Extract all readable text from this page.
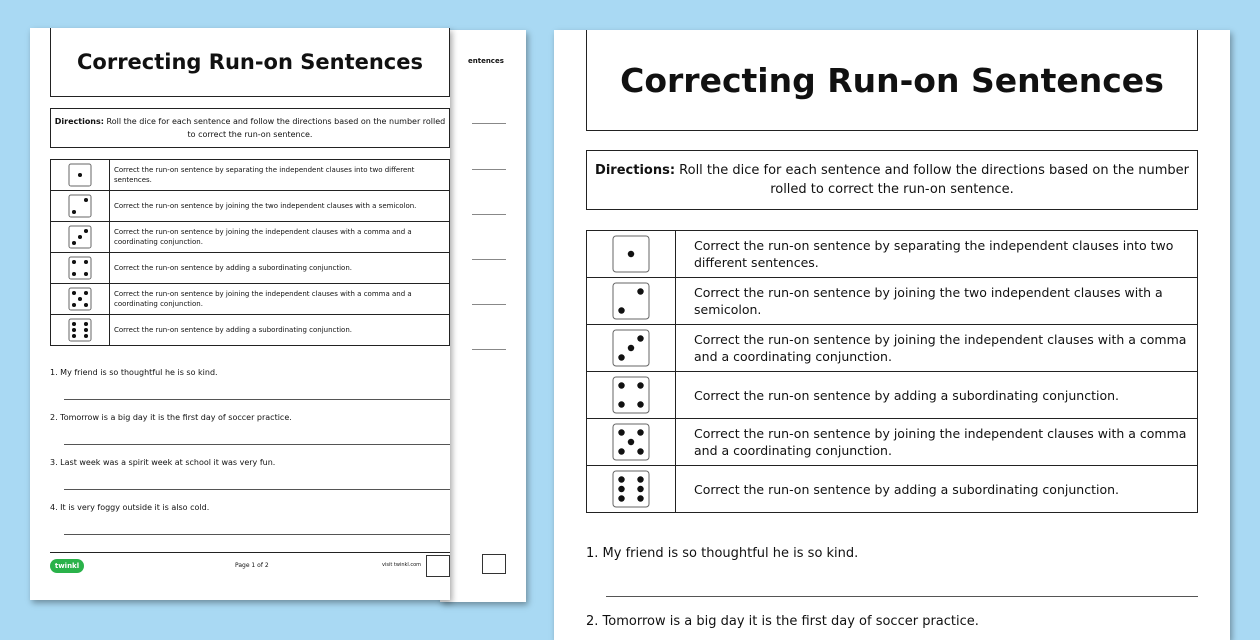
entences
Correcting Run-on Sentences
Directions: Roll the dice for each sentence and follow the directions based on the number rolled to correct the run-on sentence.
	Correct the run-on sentence by separating the independent clauses into two different sentences.
	Correct the run-on sentence by joining the two independent clauses with a semicolon.
	Correct the run-on sentence by joining the independent clauses with a comma and a coordinating conjunction.
	Correct the run-on sentence by adding a subordinating conjunction.
	Correct the run-on sentence by joining the independent clauses with a comma and a coordinating conjunction.
	Correct the run-on sentence by adding a subordinating conjunction.
1. My friend is so thoughtful he is so kind.
2. Tomorrow is a big day it is the first day of soccer practice.
3. Last week was a spirit week at school it was very fun.
4. It is very foggy outside it is also cold.
twinkl	Page 1 of 2	visit twinkl.com
Correcting Run-on Sentences
Directions: Roll the dice for each sentence and follow the directions based on the number rolled to correct the run-on sentence.
	Correct the run-on sentence by separating the independent clauses into two different sentences.
	Correct the run-on sentence by joining the two independent clauses with a semicolon.
	Correct the run-on sentence by joining the independent clauses with a comma and a coordinating conjunction.
	Correct the run-on sentence by adding a subordinating conjunction.
	Correct the run-on sentence by joining the independent clauses with a comma and a coordinating conjunction.
	Correct the run-on sentence by adding a subordinating conjunction.
1. My friend is so thoughtful he is so kind.
2. Tomorrow is a big day it is the first day of soccer practice.
